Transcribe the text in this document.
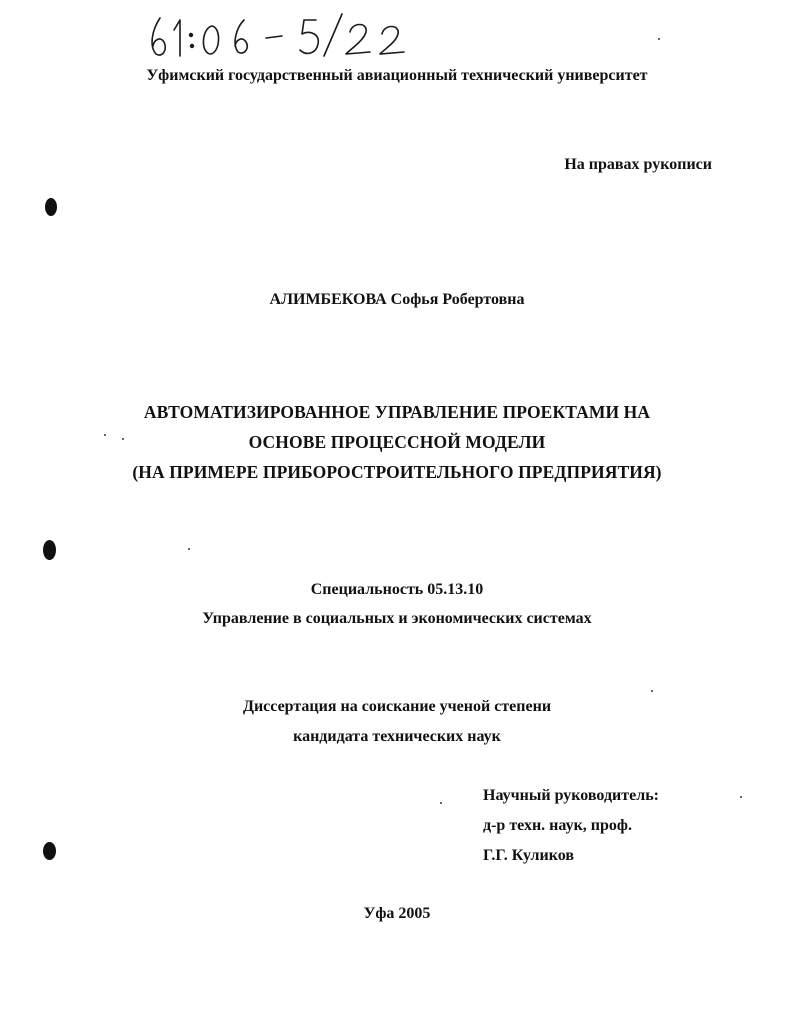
Уфимский государственный авиационный технический университет
На правах рукописи
АЛИМБЕКОВА Софья Робертовна
АВТОМАТИЗИРОВАННОЕ УПРАВЛЕНИЕ ПРОЕКТАМИ НА
ОСНОВЕ ПРОЦЕССНОЙ МОДЕЛИ
(НА ПРИМЕРЕ ПРИБОРОСТРОИТЕЛЬНОГО ПРЕДПРИЯТИЯ)
Специальность 05.13.10
Управление в социальных и экономических системах
Диссертация на соискание ученой степени
кандидата технических наук
Научный руководитель:
д-р техн. наук, проф.
Г.Г. Куликов
Уфа 2005
